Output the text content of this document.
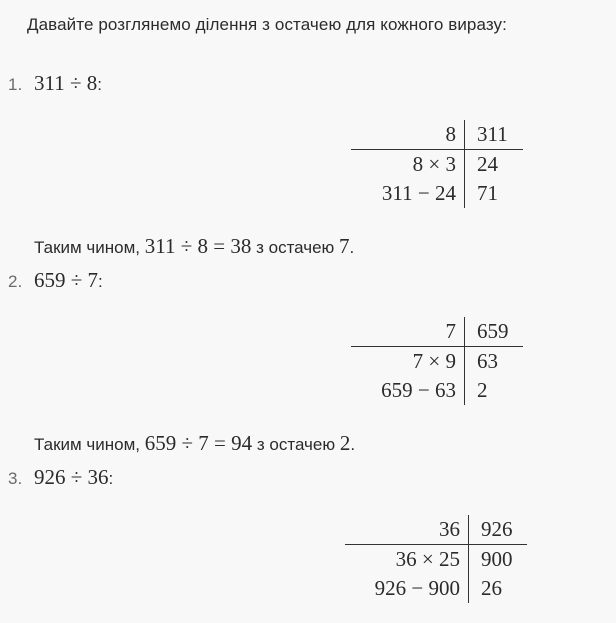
Давайте розглянемо ділення з остачею для кожного виразу:
1. 311 ÷ 8:
8	311
8 × 3	24
311 − 24	71
Таким чином, 311 ÷ 8 = 38 з остачею 7.
2. 659 ÷ 7:
7	659
7 × 9	63
659 − 63	2
Таким чином, 659 ÷ 7 = 94 з остачею 2.
3. 926 ÷ 36:
36	926
36 × 25	900
926 − 900	26
